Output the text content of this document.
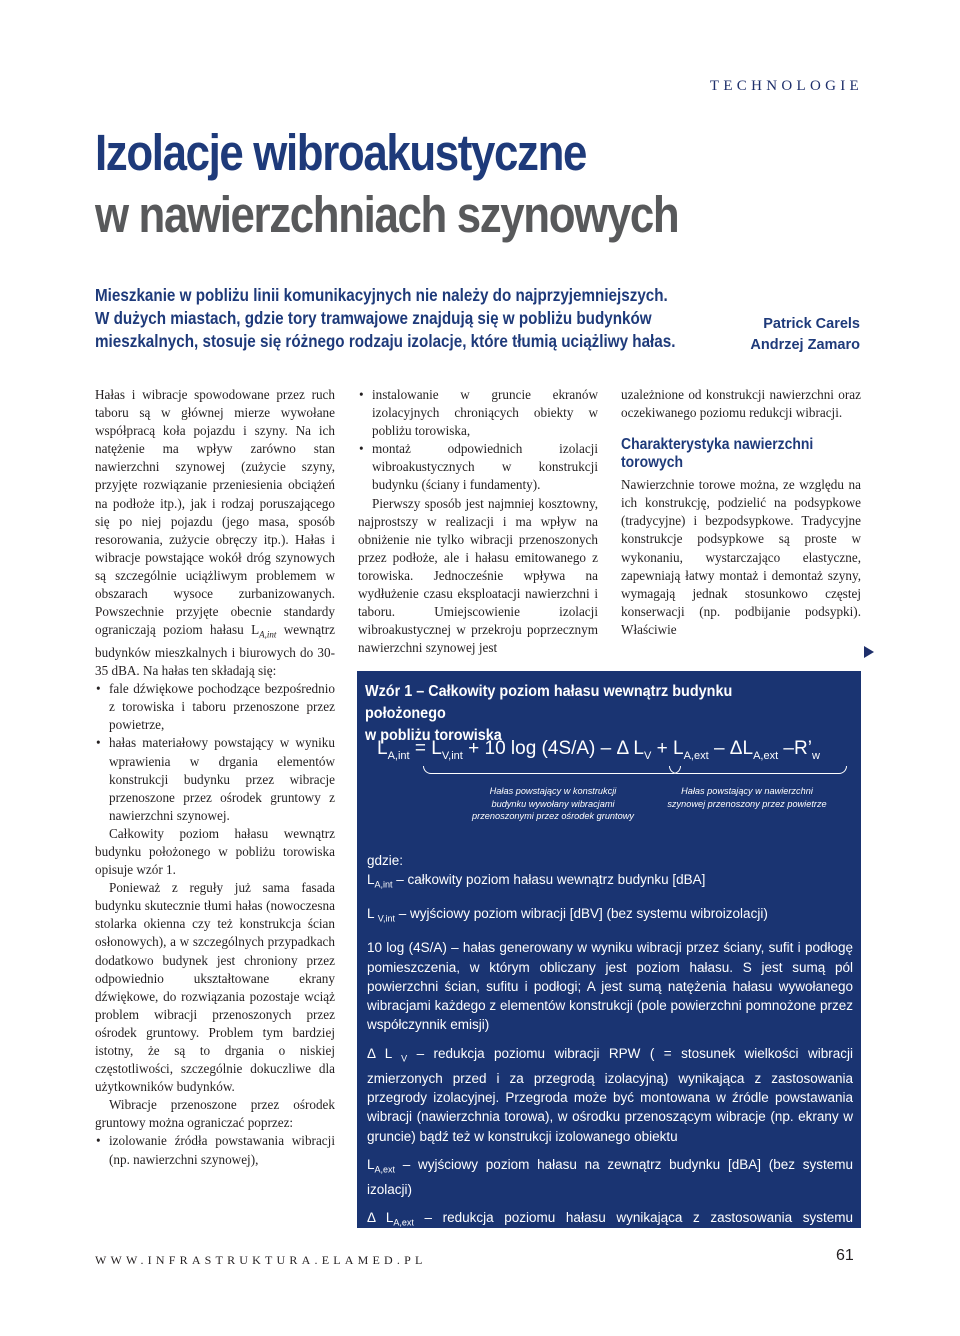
TECHNOLOGIE
Izolacje wibroakustyczne
w nawierzchniach szynowych
Mieszkanie w pobliżu linii komunikacyjnych nie należy do najprzyjemniejszych.
W dużych miastach, gdzie tory tramwajowe znajdują się w pobliżu budynków
mieszkalnych, stosuje się różnego rodzaju izolacje, które tłumią uciążliwy hałas.
Patrick Carels
Andrzej Zamaro

Hałas i wibracje spowodowane przez ruch taboru są w głównej mierze wywołane współpracą koła pojazdu i szyny. Na ich natężenie ma wpływ zarówno stan nawierzchni szynowej (zużycie szyny, przyjęte rozwiązanie przeniesienia obciążeń na podłoże itp.), jak i rodzaj poruszającego się po niej pojazdu (jego masa, sposób resorowania, zużycie obręczy itp.). Hałas i wibracje powstające wokół dróg szynowych są szczególnie uciążliwym problemem w obszarach wysoce zurbanizowanych. Powszechnie przyjęte obecnie standardy ograniczają poziom hałasu $L_{A,int}$ wewnątrz budynków mieszkalnych i biurowych do 30-35 dBA. Na hałas ten składają się:

• fale dźwiękowe pochodzące bezpośrednio z torowiska i taboru przenoszone przez powietrze,
• hałas materiałowy powstający w wyniku wprawienia w drgania elementów konstrukcji budynku przez wibracje przenoszone przez ośrodek gruntowy z nawierzchni szynowej.

Całkowity poziom hałasu wewnątrz budynku położonego w pobliżu torowiska opisuje wzór 1.

Ponieważ z reguły już sama fasada budynku skutecznie tłumi hałas (nowoczesna stolarka okienna czy też konstrukcja ścian osłonowych), a w szczególnych przypadkach dodatkowo budynek jest chroniony przez odpowiednio ukształtowane ekrany dźwiękowe, do rozwiązania pozostaje wciąż problem wibracji przenoszonych przez ośrodek gruntowy. Problem tym bardziej istotny, że są to drgania o niskiej częstotliwości, szczególnie dokuczliwe dla użytkowników budynków.

Wibracje przenoszone przez ośrodek gruntowy można ograniczać poprzez:

• izolowanie źródła powstawania wibracji (np. nawierzchni szynowej),
• instalowanie w gruncie ekranów izolacyjnych chroniących obiekty w pobliżu torowiska,
• montaż odpowiednich izolacji wibroakustycznych w konstrukcji budynku (ściany i fundamenty).

Pierwszy sposób jest najmniej kosztowny, najprostszy w realizacji i ma wpływ na obniżenie nie tylko wibracji przenoszonych przez podłoże, ale i hałasu emitowanego z torowiska. Jednocześnie wpływa na wydłużenie czasu eksploatacji nawierzchni i taboru. Umiejscowienie izolacji wibroakustycznej w przekroju poprzecznym nawierzchni szynowej jest

uzależnione od konstrukcji nawierzchni oraz oczekiwanego poziomu redukcji wibracji.

Charakterystyka nawierzchni torowych

Nawierzchnie torowe można, ze względu na ich konstrukcję, podzielić na podsypkowe (tradycyjne) i bezpodsypkowe. Tradycyjne konstrukcje podsypkowe są proste w wykonaniu, wystarczająco elastyczne, zapewniają łatwy montaż i demontaż szyny, wymagają jednak stosunkowo częstej konserwacji (np. podbijanie podsypki). Właściwie

Wzór 1 – Całkowity poziom hałasu wewnątrz budynku położonego
w pobliżu torowiska
$L_{A,int} = L_{V,int} + 10$ log (4S/A) – Δ $L_V + L_{A,ext} - \Delta L_{A,ext}$ $-R’_w$
Hałas powstający w konstrukcji
budynku wywołany wibracjami
przenoszonymi przez ośrodek gruntowy
Hałas powstający w nawierzchni
szynowej przenoszony przez powietrze

gdzie:

$L_{A,int}$ – całkowity poziom hałasu wewnątrz budynku [dBA]

L $_{V,int}$ – wyjściowy poziom wibracji [dBV] (bez systemu wibroizolacji)

10 log (4S/A) – hałas generowany w wyniku wibracji przez ściany, sufit i podłogę pomieszczenia, w którym obliczany jest poziom hałasu. S jest sumą pól powierzchni ścian, sufitu i podłogi; A jest sumą natężenia hałasu wywołanego wibracjami każdego z elementów konstrukcji (pole powierzchni pomnożone przez współczynnik emisji)

Δ L $_V$ – redukcja poziomu wibracji RPW ( = stosunek wielkości wibracji zmierzonych przed i za przegrodą izolacyjną) wynikająca z zastosowania przegrody izolacyjnej. Przegroda może być montowana w źródle powstawania wibracji (nawierzchnia torowa), w ośrodku przenoszącym wibracje (np. ekrany w gruncie) bądź też w konstrukcji izolowanego obiektu

$L_{A,ext}$ – wyjściowy poziom hałasu na zewnątrz budynku [dBA] (bez systemu izolacji)

Δ $L_{A,ext}$ – redukcja poziomu hałasu wynikająca z zastosowania systemu izolacyjngo

R’ $_w$ – izolacyjność dźwiękowa fasady budynku

WWW.INFRASTRUKTURA.ELAMED.PL	61
